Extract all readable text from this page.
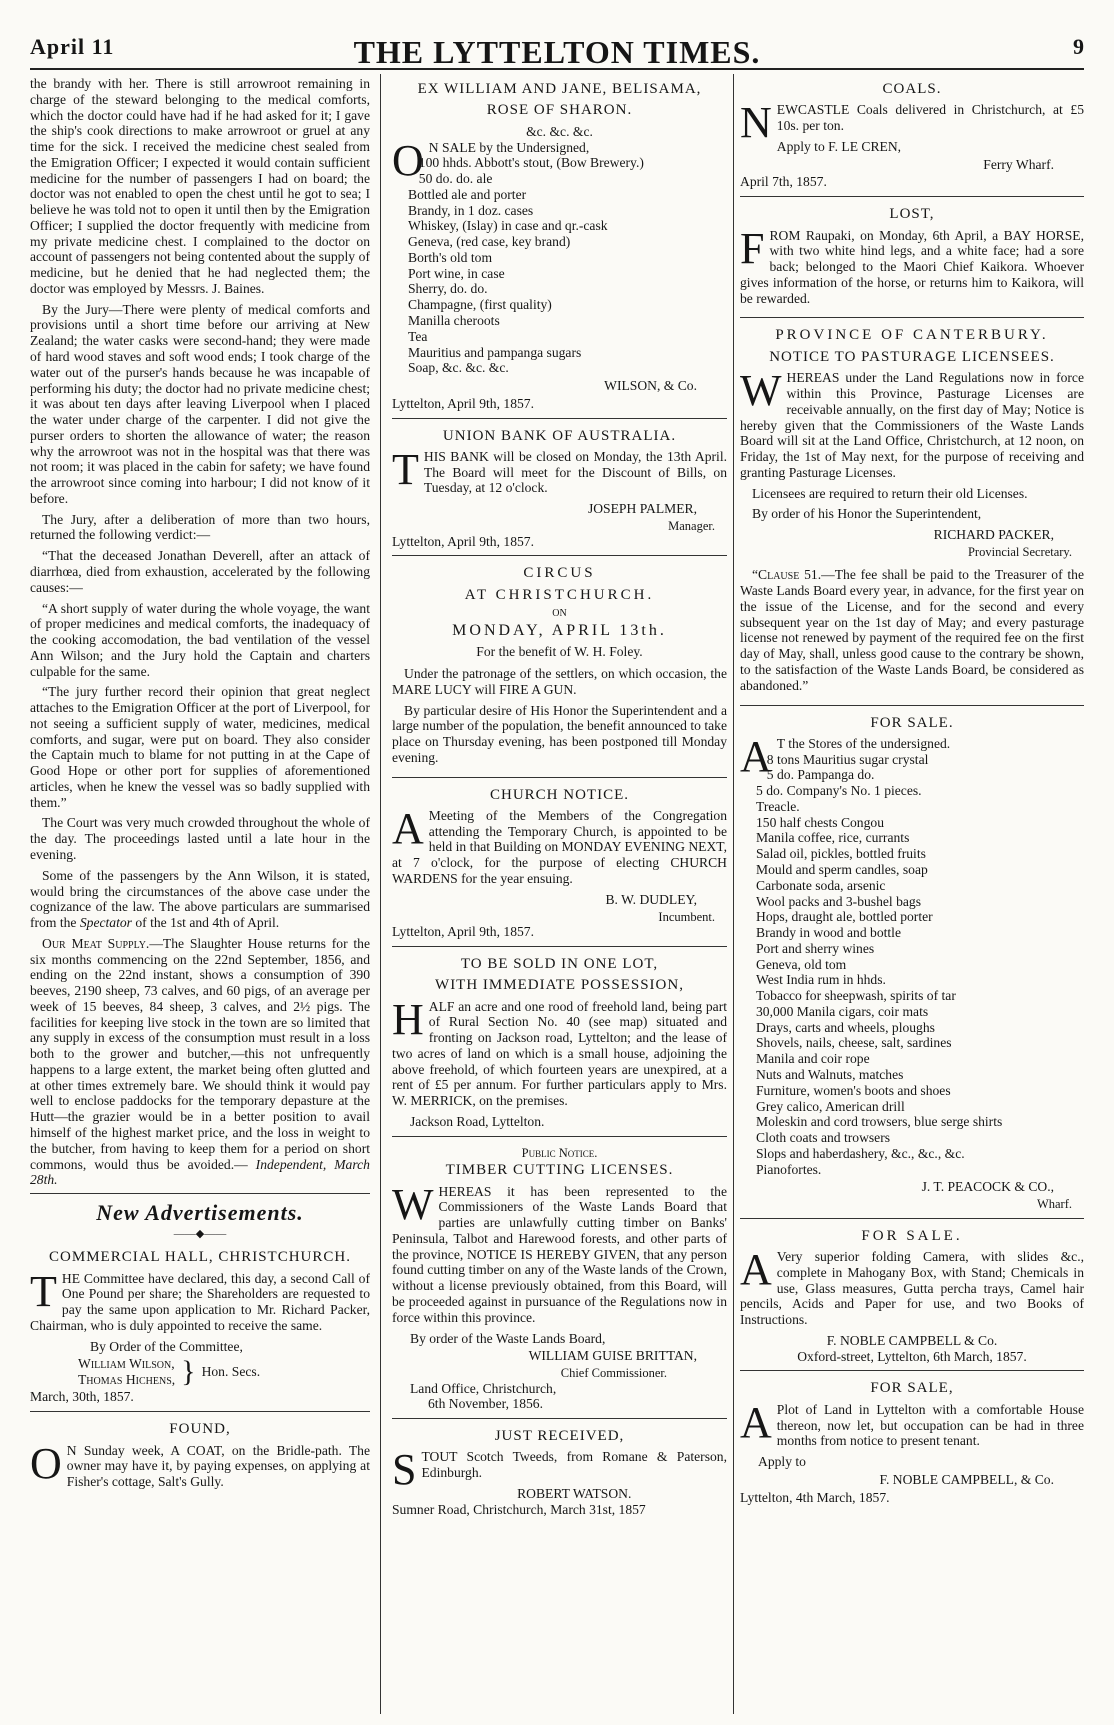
April 11	THE LYTTELTON TIMES.	9

the brandy with her. There is still arrowroot remaining in charge of the steward belonging to the medical comforts, which the doctor could have had if he had asked for it; I gave the ship's cook directions to make arrowroot or gruel at any time for the sick. I received the medicine chest sealed from the Emigration Officer; I expected it would contain sufficient medicine for the number of passengers I had on board; the doctor was not enabled to open the chest until he got to sea; I believe he was told not to open it until then by the Emigration Officer; I supplied the doctor frequently with medicine from my private medicine chest. I complained to the doctor on account of passengers not being contented about the supply of medicine, but he denied that he had neglected them; the doctor was employed by Messrs. J. Baines.

By the Jury—There were plenty of medical comforts and provisions until a short time before our arriving at New Zealand; the water casks were second-hand; they were made of hard wood staves and soft wood ends; I took charge of the water out of the purser's hands because he was incapable of performing his duty; the doctor had no private medicine chest; it was about ten days after leaving Liverpool when I placed the water under charge of the carpenter. I did not give the purser orders to shorten the allowance of water; the reason why the arrowroot was not in the hospital was that there was not room; it was placed in the cabin for safety; we have found the arrowroot since coming into harbour; I did not know of it before.

The Jury, after a deliberation of more than two hours, returned the following verdict:—

“That the deceased Jonathan Deverell, after an attack of diarrhœa, died from exhaustion, accelerated by the following causes:—

“A short supply of water during the whole voyage, the want of proper medicines and medical comforts, the inadequacy of the cooking accomodation, the bad ventilation of the vessel Ann Wilson; and the Jury hold the Captain and charters culpable for the same.

“The jury further record their opinion that great neglect attaches to the Emigration Officer at the port of Liverpool, for not seeing a sufficient supply of water, medicines, medical comforts, and sugar, were put on board. They also consider the Captain much to blame for not putting in at the Cape of Good Hope or other port for supplies of aforementioned articles, when he knew the vessel was so badly supplied with them.”

The Court was very much crowded throughout the whole of the day. The proceedings lasted until a late hour in the evening.

Some of the passengers by the Ann Wilson, it is stated, would bring the circumstances of the above case under the cognizance of the law. The above particulars are summarised from the Spectator of the 1st and 4th of April.

Our Meat Supply.—The Slaughter House returns for the six months commencing on the 22nd September, 1856, and ending on the 22nd instant, shows a consumption of 390 beeves, 2190 sheep, 73 calves, and 60 pigs, of an average per week of 15 beeves, 84 sheep, 3 calves, and 2½ pigs. The facilities for keeping live stock in the town are so limited that any supply in excess of the consumption must result in a loss both to the grower and butcher,—this not unfrequently happens to a large extent, the market being often glutted and at other times extremely bare. We should think it would pay well to enclose paddocks for the temporary depasture at the Hutt—the grazier would be in a better position to avail himself of the highest market price, and the loss in weight to the butcher, from having to keep them for a period on short commons, would thus be avoided.— Independent, March 28th.

New Advertisements.
——◆——
COMMERCIAL HALL, CHRISTCHURCH.
T HE Committee have declared, this day, a second Call of One Pound per share; the Shareholders are requested to pay the same upon application to Mr. Richard Packer, Chairman, who is duly appointed to receive the same.

By Order of the Committee,
William Wilson,
Thomas Hichens, } Hon. Secs.
March, 30th, 1857.
FOUND,
O N Sunday week, A COAT, on the Bridle-path. The owner may have it, by paying expenses, on applying at Fisher's cottage, Salt's Gully.

EX WILLIAM AND JANE, BELISAMA,
ROSE OF SHARON.
&c. &c. &c.
O N SALE by the Undersigned,
100 hhds. Abbott's stout, (Bow Brewery.)
50 do. do. ale
Bottled ale and porter
Brandy, in 1 doz. cases
Whiskey, (Islay) in case and qr.-cask
Geneva, (red case, key brand)
Borth's old tom
Port wine, in case
Sherry, do. do.
Champagne, (first quality)
Manilla cheroots
Tea
Mauritius and pampanga sugars
Soap, &c. &c. &c.
WILSON, & Co.
Lyttelton, April 9th, 1857.
UNION BANK OF AUSTRALIA.
T HIS BANK will be closed on Monday, the 13th April. The Board will meet for the Discount of Bills, on Tuesday, at 12 o'clock.

JOSEPH PALMER,
Manager.
Lyttelton, April 9th, 1857.
CIRCUS
AT CHRISTCHURCH.
ON
MONDAY, APRIL 13th.
For the benefit of W. H. Foley.

Under the patronage of the settlers, on which occasion, the MARE LUCY will FIRE A GUN.

By particular desire of His Honor the Superintendent and a large number of the population, the benefit announced to take place on Thursday evening, has been postponed till Monday evening.

CHURCH NOTICE.
A Meeting of the Members of the Congregation attending the Temporary Church, is appointed to be held in that Building on MONDAY EVENING NEXT, at 7 o'clock, for the purpose of electing CHURCH WARDENS for the year ensuing.

B. W. DUDLEY,
Incumbent.
Lyttelton, April 9th, 1857.
TO BE SOLD IN ONE LOT,
WITH IMMEDIATE POSSESSION,
H ALF an acre and one rood of freehold land, being part of Rural Section No. 40 (see map) situated and fronting on Jackson road, Lyttelton; and the lease of two acres of land on which is a small house, adjoining the above freehold, of which fourteen years are unexpired, at a rent of £5 per annum. For further particulars apply to Mrs. W. MERRICK, on the premises.

Jackson Road, Lyttelton.
Public Notice.
TIMBER CUTTING LICENSES.
W HEREAS it has been represented to the Commissioners of the Waste Lands Board that parties are unlawfully cutting timber on Banks' Peninsula, Talbot and Harewood forests, and other parts of the province, NOTICE IS HEREBY GIVEN, that any person found cutting timber on any of the Waste lands of the Crown, without a license previously obtained, from this Board, will be proceeded against in pursuance of the Regulations now in force within this province.

By order of the Waste Lands Board,
WILLIAM GUISE BRITTAN,
Chief Commissioner.
Land Office, Christchurch,
6th November, 1856.
JUST RECEIVED,
S TOUT Scotch Tweeds, from Romane & Paterson, Edinburgh.

ROBERT WATSON.
Sumner Road, Christchurch, March 31st, 1857
COALS.
N EWCASTLE Coals delivered in Christchurch, at £5 10s. per ton.

Apply to F. LE CREN,
Ferry Wharf.
April 7th, 1857.
LOST,
F ROM Raupaki, on Monday, 6th April, a BAY HORSE, with two white hind legs, and a white face; had a sore back; belonged to the Maori Chief Kaikora. Whoever gives information of the horse, or returns him to Kaikora, will be rewarded.

PROVINCE OF CANTERBURY.
NOTICE TO PASTURAGE LICENSEES.
W HEREAS under the Land Regulations now in force within this Province, Pasturage Licenses are receivable annually, on the first day of May; Notice is hereby given that the Commissioners of the Waste Lands Board will sit at the Land Office, Christchurch, at 12 noon, on Friday, the 1st of May next, for the purpose of receiving and granting Pasturage Licenses.

Licensees are required to return their old Licenses.

By order of his Honor the Superintendent,

RICHARD PACKER,
Provincial Secretary.

“Clause 51.—The fee shall be paid to the Treasurer of the Waste Lands Board every year, in advance, for the first year on the issue of the License, and for the second and every subsequent year on the 1st day of May; and every pasturage license not renewed by payment of the required fee on the first day of May, shall, unless good cause to the contrary be shown, to the satisfaction of the Waste Lands Board, be considered as abandoned.”

FOR SALE.
A T the Stores of the undersigned.
8 tons Mauritius sugar crystal
5 do. Pampanga do.
5 do. Company's No. 1 pieces.
Treacle.
150 half chests Congou
Manila coffee, rice, currants
Salad oil, pickles, bottled fruits
Mould and sperm candles, soap
Carbonate soda, arsenic
Wool packs and 3-bushel bags
Hops, draught ale, bottled porter
Brandy in wood and bottle
Port and sherry wines
Geneva, old tom
West India rum in hhds.
Tobacco for sheepwash, spirits of tar
30,000 Manila cigars, coir mats
Drays, carts and wheels, ploughs
Shovels, nails, cheese, salt, sardines
Manila and coir rope
Nuts and Walnuts, matches
Furniture, women's boots and shoes
Grey calico, American drill
Moleskin and cord trowsers, blue serge shirts
Cloth coats and trowsers
Slops and haberdashery, &c., &c., &c.
Pianofortes.
J. T. PEACOCK & CO.,
Wharf.
FOR SALE.
A Very superior folding Camera, with slides &c., complete in Mahogany Box, with Stand; Chemicals in use, Glass measures, Gutta percha trays, Camel hair pencils, Acids and Paper for use, and two Books of Instructions.

F. NOBLE CAMPBELL & Co.
Oxford-street, Lyttelton, 6th March, 1857.
FOR SALE,
A Plot of Land in Lyttelton with a comfortable House thereon, now let, but occupation can be had in three months from notice to present tenant.

Apply to
F. NOBLE CAMPBELL, & Co.
Lyttelton, 4th March, 1857.
